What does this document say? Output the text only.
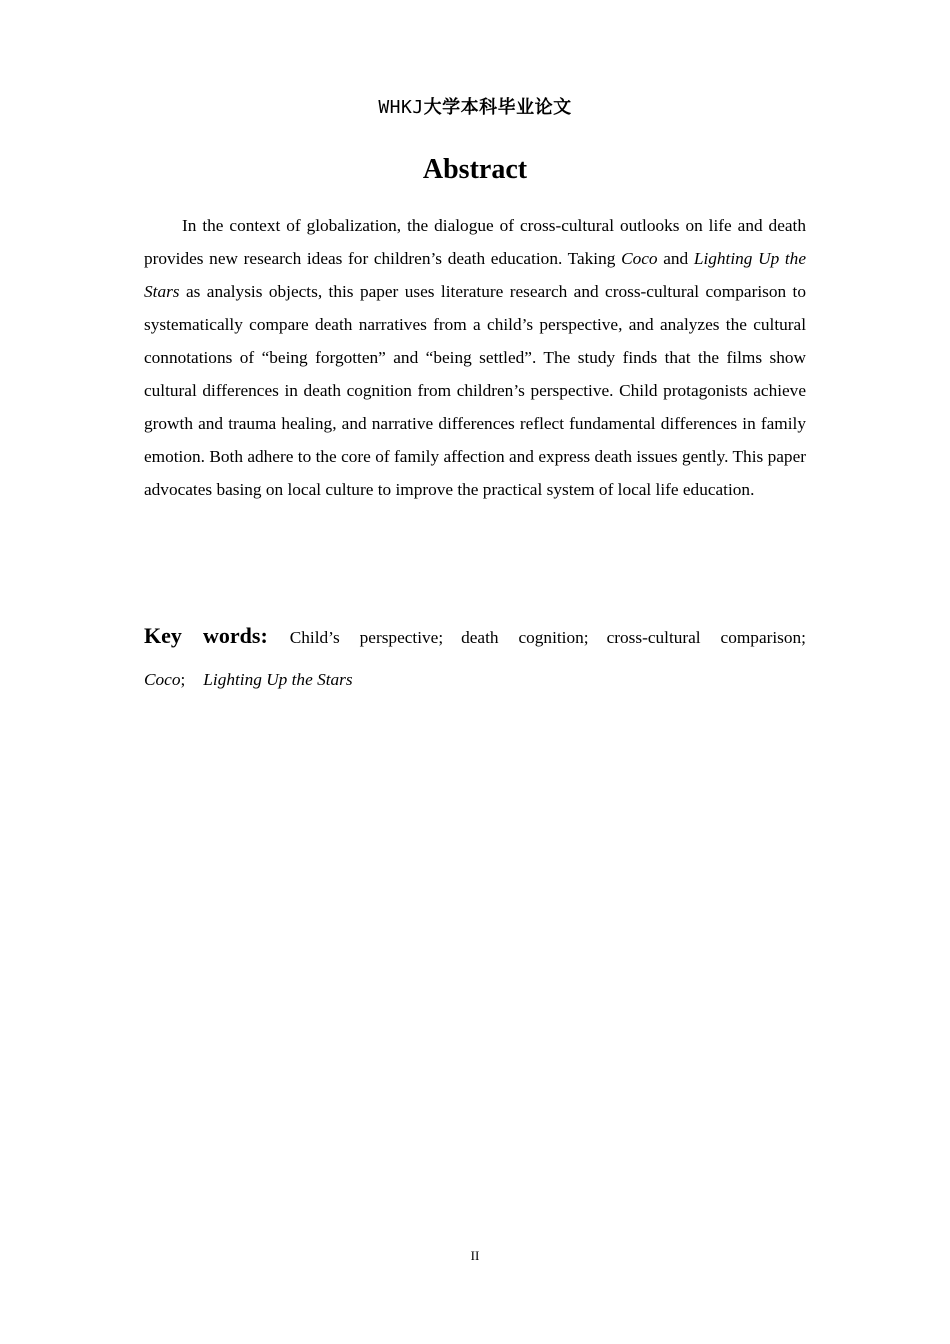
WHKJ大学本科毕业论文
Abstract

In the context of globalization, the dialogue of cross-cultural outlooks on life and death provides new research ideas for children’s death education. Taking Coco and Lighting Up the Stars as analysis objects, this paper uses literature research and cross-cultural comparison to systematically compare death narratives from a child’s perspective, and analyzes the cultural connotations of “being forgotten” and “being settled”. The study finds that the films show cultural differences in death cognition from children’s perspective. Child protagonists achieve growth and trauma healing, and narrative differences reflect fundamental differences in family emotion. Both adhere to the core of family affection and express death issues gently. This paper advocates basing on local culture to improve the practical system of local life education.

Key words: Child’s perspective; death cognition; cross-cultural comparison; Coco; Lighting Up the Stars

II
